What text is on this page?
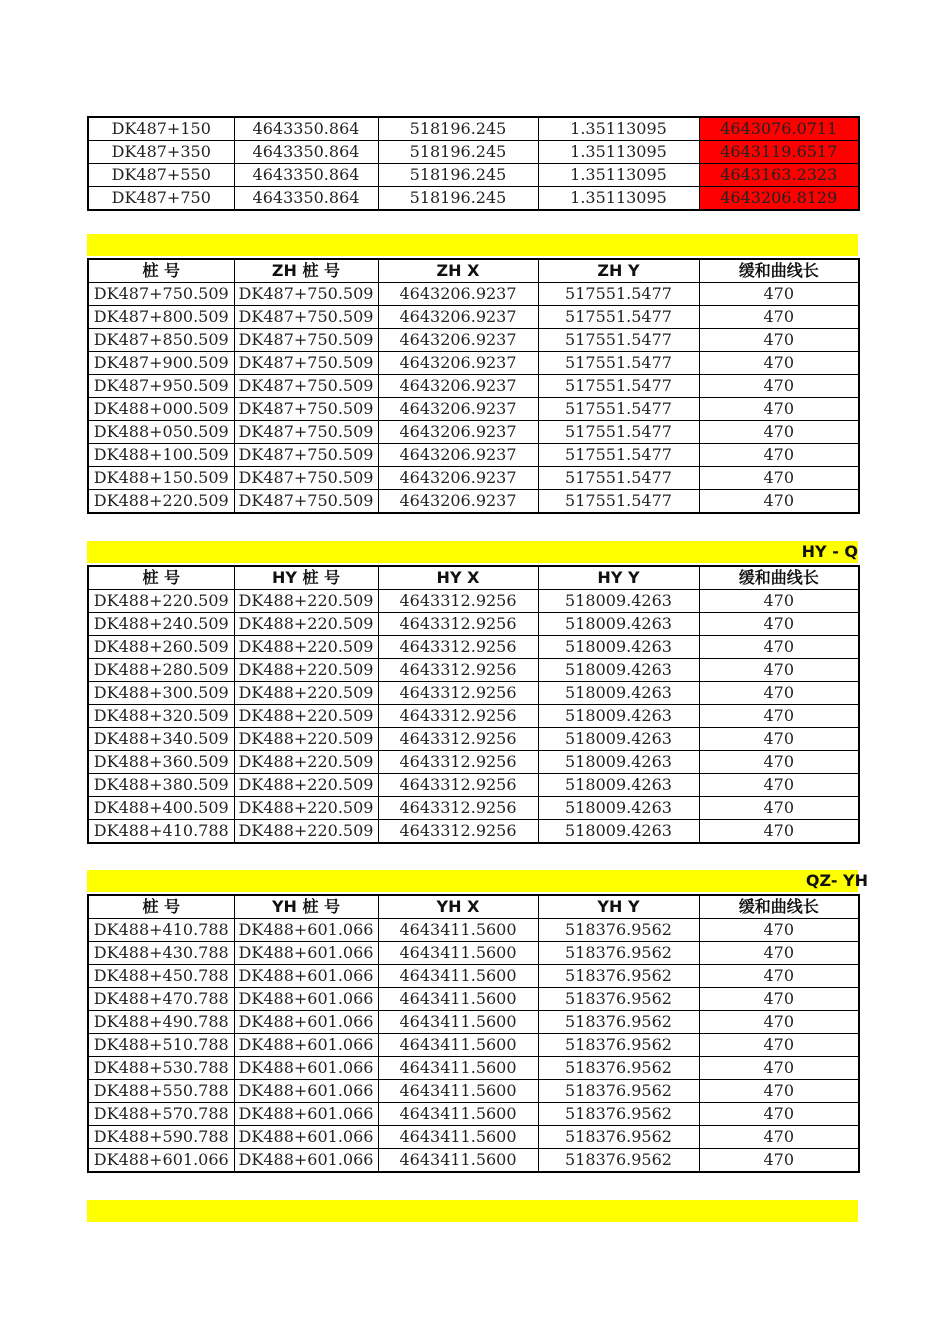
DK487+150	4643350.864	518196.245	1.35113095	4643076.0711
DK487+350	4643350.864	518196.245	1.35113095	4643119.6517
DK487+550	4643350.864	518196.245	1.35113095	4643163.2323
DK487+750	4643350.864	518196.245	1.35113095	4643206.8129
桩 号	ZH 桩 号	ZH X	ZH Y	缓和曲线长
DK487+750.509	DK487+750.509	4643206.9237	517551.5477	470
DK487+800.509	DK487+750.509	4643206.9237	517551.5477	470
DK487+850.509	DK487+750.509	4643206.9237	517551.5477	470
DK487+900.509	DK487+750.509	4643206.9237	517551.5477	470
DK487+950.509	DK487+750.509	4643206.9237	517551.5477	470
DK488+000.509	DK487+750.509	4643206.9237	517551.5477	470
DK488+050.509	DK487+750.509	4643206.9237	517551.5477	470
DK488+100.509	DK487+750.509	4643206.9237	517551.5477	470
DK488+150.509	DK487+750.509	4643206.9237	517551.5477	470
DK488+220.509	DK487+750.509	4643206.9237	517551.5477	470
HY - Q
桩 号	HY 桩 号	HY X	HY Y	缓和曲线长
DK488+220.509	DK488+220.509	4643312.9256	518009.4263	470
DK488+240.509	DK488+220.509	4643312.9256	518009.4263	470
DK488+260.509	DK488+220.509	4643312.9256	518009.4263	470
DK488+280.509	DK488+220.509	4643312.9256	518009.4263	470
DK488+300.509	DK488+220.509	4643312.9256	518009.4263	470
DK488+320.509	DK488+220.509	4643312.9256	518009.4263	470
DK488+340.509	DK488+220.509	4643312.9256	518009.4263	470
DK488+360.509	DK488+220.509	4643312.9256	518009.4263	470
DK488+380.509	DK488+220.509	4643312.9256	518009.4263	470
DK488+400.509	DK488+220.509	4643312.9256	518009.4263	470
DK488+410.788	DK488+220.509	4643312.9256	518009.4263	470
QZ- YH
桩 号	YH 桩 号	YH X	YH Y	缓和曲线长
DK488+410.788	DK488+601.066	4643411.5600	518376.9562	470
DK488+430.788	DK488+601.066	4643411.5600	518376.9562	470
DK488+450.788	DK488+601.066	4643411.5600	518376.9562	470
DK488+470.788	DK488+601.066	4643411.5600	518376.9562	470
DK488+490.788	DK488+601.066	4643411.5600	518376.9562	470
DK488+510.788	DK488+601.066	4643411.5600	518376.9562	470
DK488+530.788	DK488+601.066	4643411.5600	518376.9562	470
DK488+550.788	DK488+601.066	4643411.5600	518376.9562	470
DK488+570.788	DK488+601.066	4643411.5600	518376.9562	470
DK488+590.788	DK488+601.066	4643411.5600	518376.9562	470
DK488+601.066	DK488+601.066	4643411.5600	518376.9562	470
